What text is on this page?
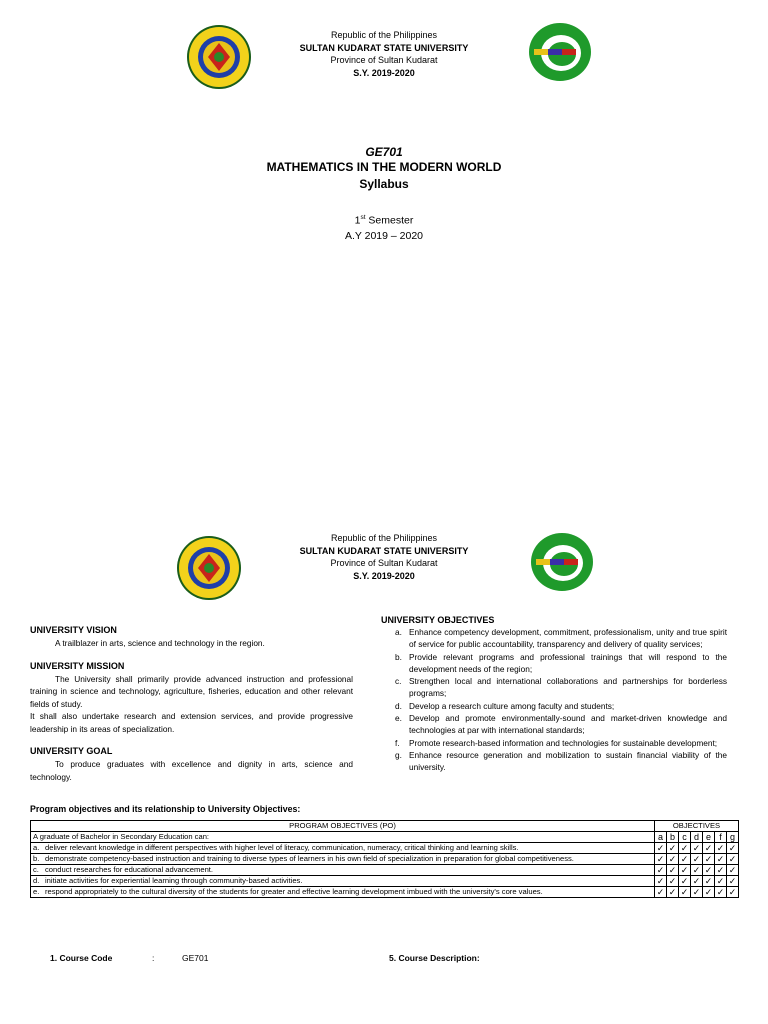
Republic of the Philippines
SULTAN KUDARAT STATE UNIVERSITY
Province of Sultan Kudarat
S.Y. 2019-2020
GE701
MATHEMATICS IN THE MODERN WORLD
Syllabus
1st Semester
A.Y 2019 – 2020
Republic of the Philippines
SULTAN KUDARAT STATE UNIVERSITY
Province of Sultan Kudarat
S.Y. 2019-2020
UNIVERSITY VISION
A trailblazer in arts, science and technology in the region.
UNIVERSITY MISSION
The University shall primarily provide advanced instruction and professional training in science and technology, agriculture, fisheries, education and other relevant fields of study.
It shall also undertake research and extension services, and provide progressive leadership in its areas of specialization.
UNIVERSITY GOAL
To produce graduates with excellence and dignity in arts, science and technology.
UNIVERSITY OBJECTIVES
a. Enhance competency development, commitment, professionalism, unity and true spirit of service for public accountability, transparency and delivery of quality services;
b. Provide relevant programs and professional trainings that will respond to the development needs of the region;
c. Strengthen local and international collaborations and partnerships for borderless programs;
d. Develop a research culture among faculty and students;
e. Develop and promote environmentally-sound and market-driven knowledge and technologies at par with international standards;
f.	Promote research-based information and technologies for sustainable development;
g. Enhance resource generation and mobilization to sustain financial viability of the university.
Program objectives and its relationship to University Objectives:
PROGRAM OBJECTIVES (PO)	OBJECTIVES						
A graduate of Bachelor in Secondary Education can:	a	b	c	d	e	f	g
a. deliver relevant knowledge in different perspectives with higher level of literacy, communication, numeracy, critical thinking and learning skills.	✓	✓	✓	✓	✓	✓	✓
b. demonstrate competency-based instruction and training to diverse types of learners in his own field of specialization in preparation for global competitiveness.	✓	✓	✓	✓	✓	✓	✓
c. conduct researches for educational advancement.	✓	✓	✓	✓	✓	✓	✓
d. initiate activities for experiential learning through community-based activities.	✓	✓	✓	✓	✓	✓	✓
e. respond appropriately to the cultural diversity of the students for greater and effective learning development imbued with the university's core values.	✓	✓	✓	✓	✓	✓	✓
1. Course Code	:	GE701	5. Course Description:
